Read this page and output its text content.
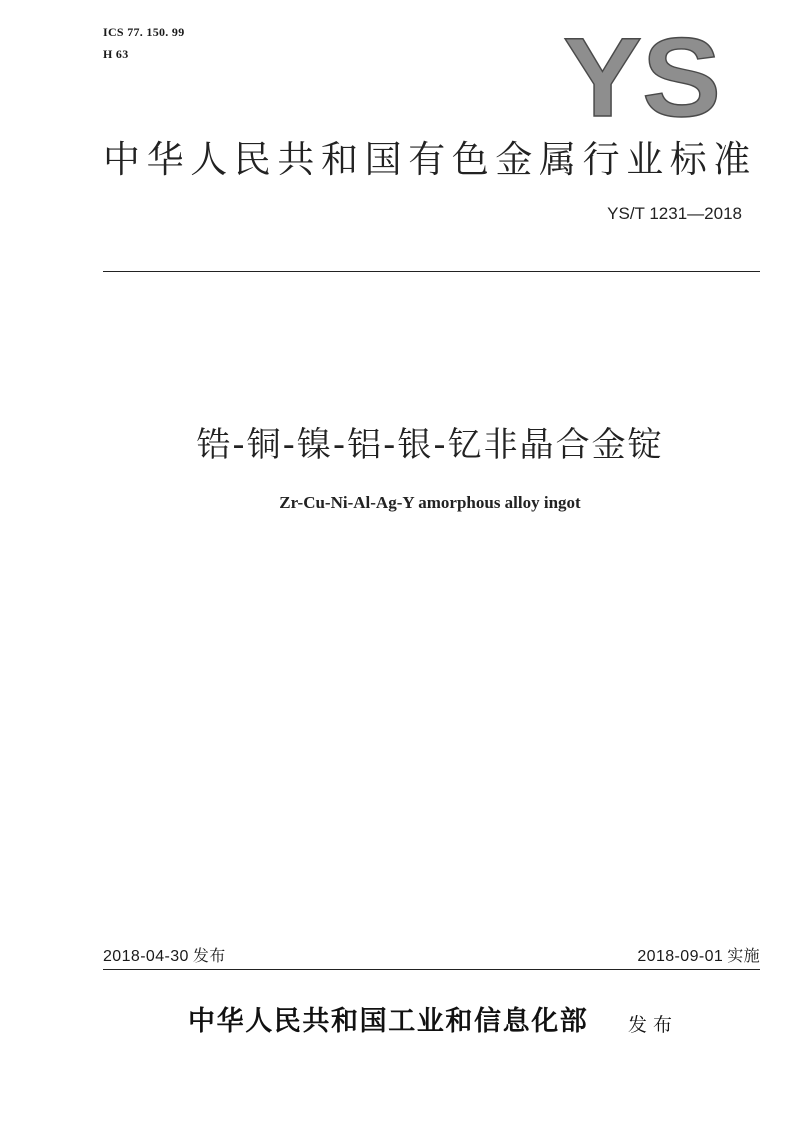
ICS 77. 150. 99
H 63	YS
中华人民共和国有色金属行业标准
YS/T 1231—2018
锆-铜-镍-铝-银-钇非晶合金锭
Zr-Cu-Ni-Al-Ag-Y amorphous alloy ingot
2018-04-30 发布	2018-09-01 实施
中华人民共和国工业和信息化部 发 布
